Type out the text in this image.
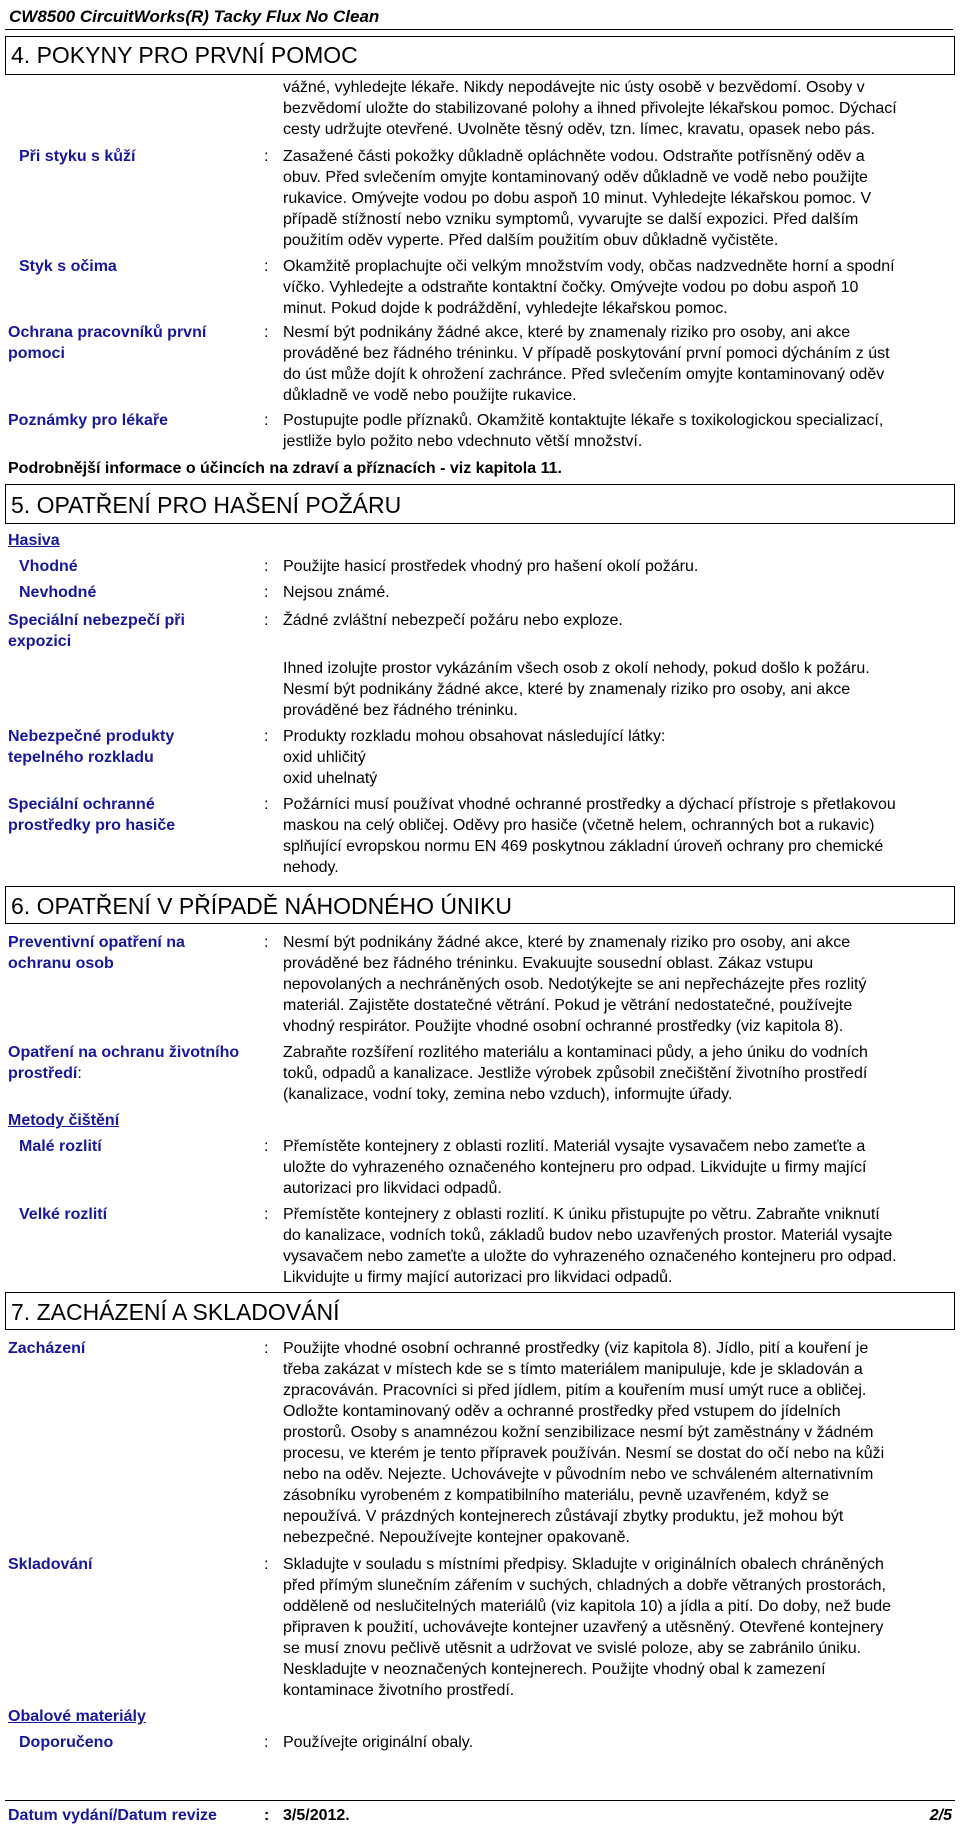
CW8500 CircuitWorks(R) Tacky Flux No Clean
4. POKYNY PRO PRVNÍ POMOC
vážné, vyhledejte lékaře. Nikdy nepodávejte nic ústy osobě v bezvědomí. Osoby v
bezvědomí uložte do stabilizované polohy a ihned přivolejte lékařskou pomoc. Dýchací
cesty udržujte otevřené. Uvolněte těsný oděv, tzn. límec, kravatu, opasek nebo pás.
Při styku s kůží	: Zasažené části pokožky důkladně opláchněte vodou. Odstraňte potřísněný oděv a
obuv. Před svlečením omyjte kontaminovaný oděv důkladně ve vodě nebo použijte
rukavice. Omývejte vodou po dobu aspoň 10 minut. Vyhledejte lékařskou pomoc. V
případě stížností nebo vzniku symptomů, vyvarujte se další expozici. Před dalším
použitím oděv vyperte. Před dalším použitím obuv důkladně vyčistěte.
Styk s očima	: Okamžitě proplachujte oči velkým množstvím vody, občas nadzvedněte horní a spodní
víčko. Vyhledejte a odstraňte kontaktní čočky. Omývejte vodou po dobu aspoň 10
minut. Pokud dojde k podráždění, vyhledejte lékařskou pomoc.
Ochrana pracovníků první pomoci
: Nesmí být podnikány žádné akce, které by znamenaly riziko pro osoby, ani akce
prováděné bez řádného tréninku. V případě poskytování první pomoci dýcháním z úst
do úst může dojít k ohrožení zachránce. Před svlečením omyjte kontaminovaný oděv
důkladně ve vodě nebo použijte rukavice.
Poznámky pro lékaře	: Postupujte podle příznaků. Okamžitě kontaktujte lékaře s toxikologickou specializací,
jestliže bylo požito nebo vdechnuto větší množství.
Podrobnější informace o účincích na zdraví a příznacích - viz kapitola 11.
5. OPATŘENÍ PRO HAŠENÍ POŽÁRU
Hasiva
Vhodné	: Použijte hasicí prostředek vhodný pro hašení okolí požáru.
Nevhodné	: Nejsou známé.
Speciální nebezpečí při expozici
: Žádné zvláštní nebezpečí požáru nebo exploze.
Ihned izolujte prostor vykázáním všech osob z okolí nehody, pokud došlo k požáru.
Nesmí být podnikány žádné akce, které by znamenaly riziko pro osoby, ani akce
prováděné bez řádného tréninku.
Nebezpečné produkty tepelného rozkladu
: Produkty rozkladu mohou obsahovat následující látky:
oxid uhličitý
oxid uhelnatý
Speciální ochranné prostředky pro hasiče
: Požárníci musí používat vhodné ochranné prostředky a dýchací přístroje s přetlakovou
maskou na celý obličej. Oděvy pro hasiče (včetně helem, ochranných bot a rukavic)
splňující evropskou normu EN 469 poskytnou základní úroveň ochrany pro chemické
nehody.
6. OPATŘENÍ V PŘÍPADĚ NÁHODNÉHO ÚNIKU
Preventivní opatření na ochranu osob
: Nesmí být podnikány žádné akce, které by znamenaly riziko pro osoby, ani akce
prováděné bez řádného tréninku. Evakuujte sousední oblast. Zákaz vstupu
nepovolaných a nechráněných osob. Nedotýkejte se ani nepřecházejte přes rozlitý
materiál. Zajistěte dostatečné větrání. Pokud je větrání nedostatečné, používejte
vhodný respirátor. Použijte vhodné osobní ochranné prostředky (viz kapitola 8).
Opatření na ochranu životního prostředí:
Zabraňte rozšíření rozlitého materiálu a kontaminaci půdy, a jeho úniku do vodních
toků, odpadů a kanalizace. Jestliže výrobek způsobil znečištění životního prostředí
(kanalizace, vodní toky, zemina nebo vzduch), informujte úřady.
Metody čištění
Malé rozlití	: Přemístěte kontejnery z oblasti rozlití. Materiál vysajte vysavačem nebo zameťte a
uložte do vyhrazeného označeného kontejneru pro odpad. Likvidujte u firmy mající
autorizaci pro likvidaci odpadů.
Velké rozlití	: Přemístěte kontejnery z oblasti rozlití. K úniku přistupujte po větru. Zabraňte vniknutí
do kanalizace, vodních toků, základů budov nebo uzavřených prostor. Materiál vysajte
vysavačem nebo zameťte a uložte do vyhrazeného označeného kontejneru pro odpad.
Likvidujte u firmy mající autorizaci pro likvidaci odpadů.
7. ZACHÁZENÍ A SKLADOVÁNÍ
Zacházení	: Použijte vhodné osobní ochranné prostředky (viz kapitola 8). Jídlo, pití a kouření je
třeba zakázat v místech kde se s tímto materiálem manipuluje, kde je skladován a
zpracováván. Pracovníci si před jídlem, pitím a kouřením musí umýt ruce a obličej.
Odložte kontaminovaný oděv a ochranné prostředky před vstupem do jídelních
prostorů. Osoby s anamnézou kožní senzibilizace nesmí být zaměstnány v žádném
procesu, ve kterém je tento přípravek používán. Nesmí se dostat do očí nebo na kůži
nebo na oděv. Nejezte. Uchovávejte v původním nebo ve schváleném alternativním
zásobníku vyrobeném z kompatibilního materiálu, pevně uzavřeném, když se
nepoužívá. V prázdných kontejnerech zůstávají zbytky produktu, jež mohou být
nebezpečné. Nepoužívejte kontejner opakovaně.
Skladování	: Skladujte v souladu s místními předpisy. Skladujte v originálních obalech chráněných
před přímým slunečním zářením v suchých, chladných a dobře větraných prostorách,
odděleně od neslučitelných materiálů (viz kapitola 10) a jídla a pití. Do doby, než bude
připraven k použití, uchovávejte kontejner uzavřený a utěsněný. Otevřené kontejnery
se musí znovu pečlivě utěsnit a udržovat ve svislé poloze, aby se zabránilo úniku.
Neskladujte v neoznačených kontejnerech. Použijte vhodný obal k zamezení
kontaminace životního prostředí.
Obalové materiály
Doporučeno	: Používejte originální obaly.
Datum vydání/Datum revize	: 3/5/2012.	2/5
